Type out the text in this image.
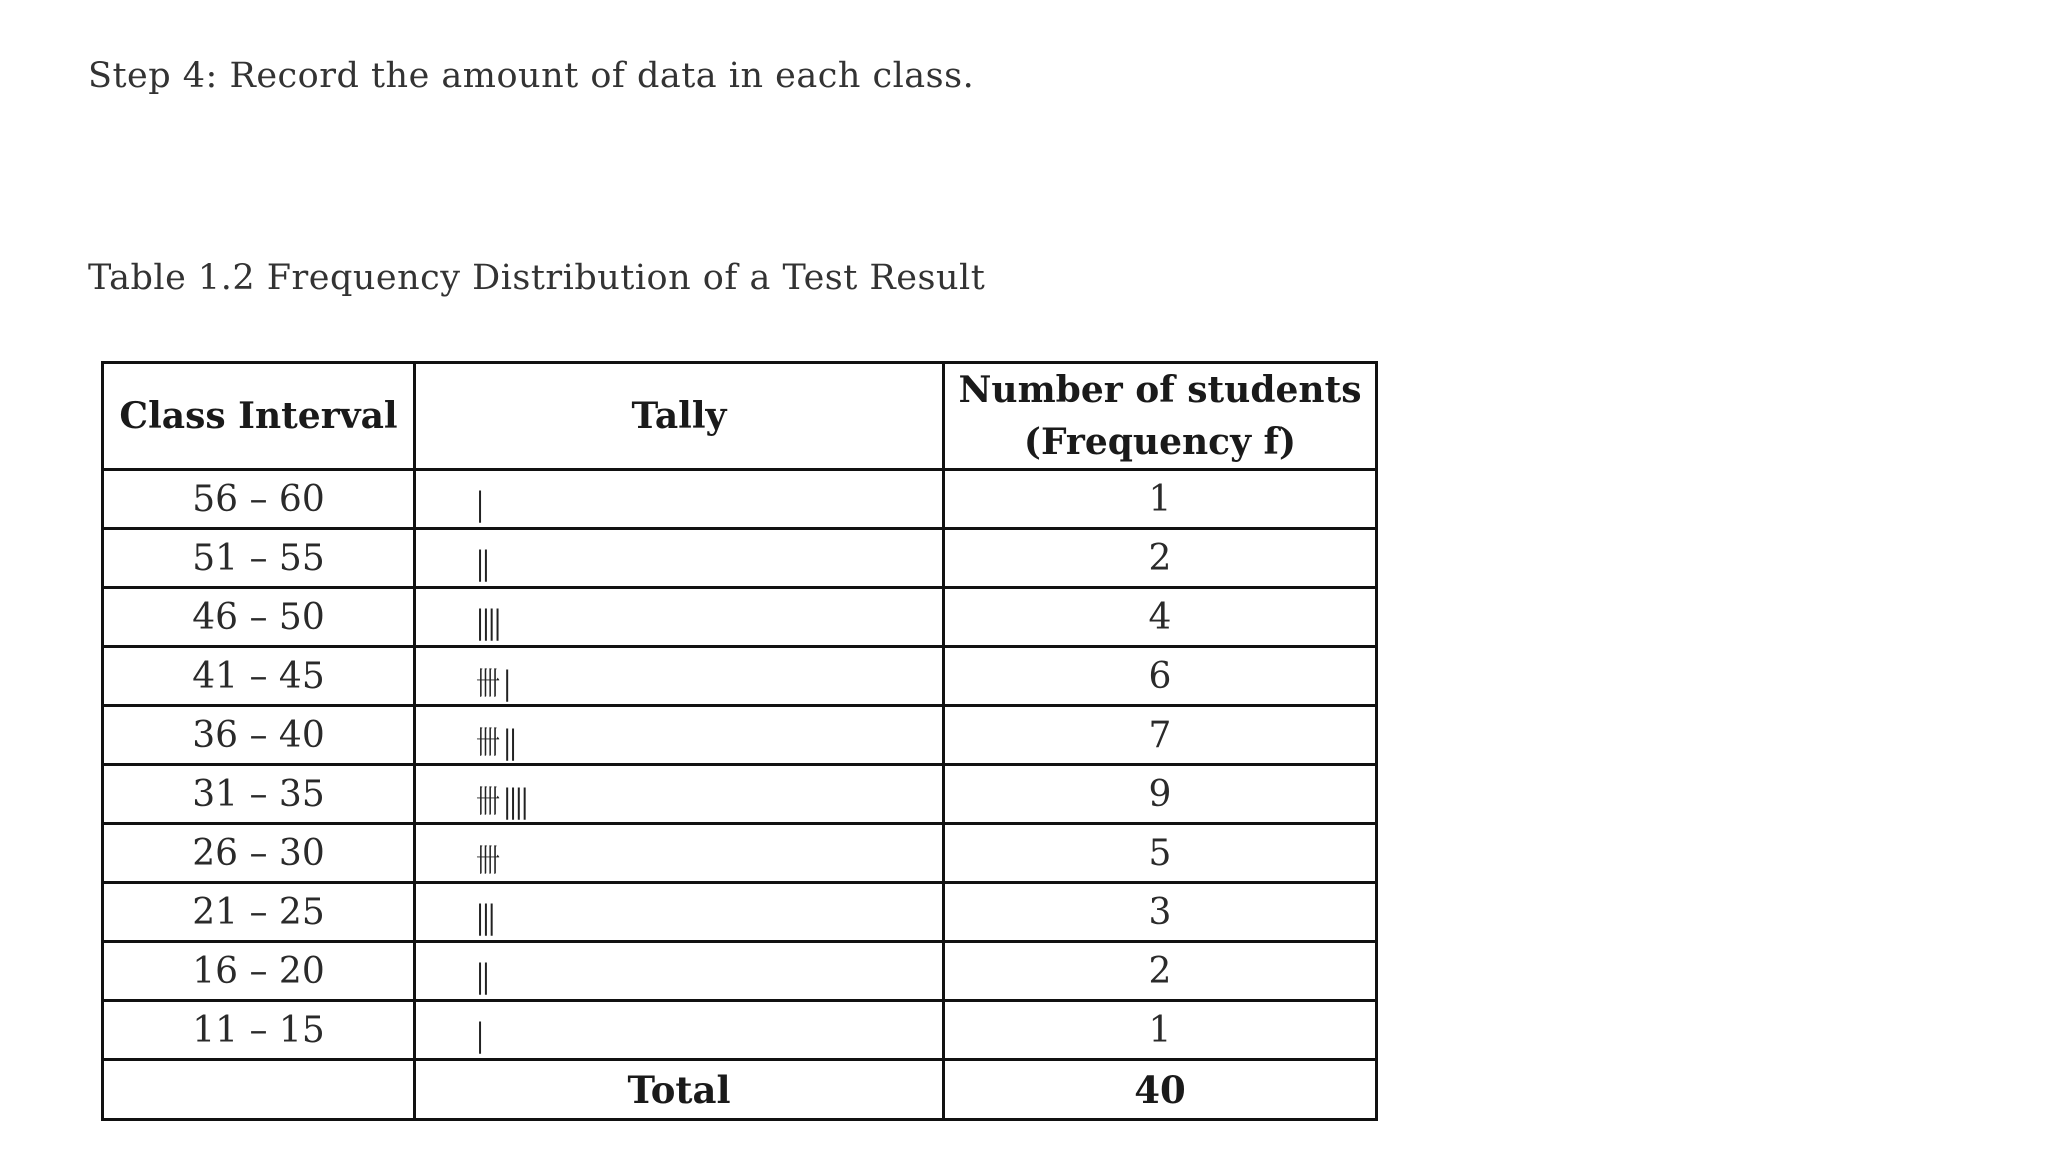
Step 4: Record the amount of data in each class.
Table 1.2 Frequency Distribution of a Test Result
Class Interval	Tally	Number of students
(Frequency f)

56 – 60	|	1
51 – 55	||	2
46 – 50	||||	4
41 – 45	卌 |	6
36 – 40	卌 ||	7
31 – 35	卌 ||||	9
26 – 30	卌	5
21 – 25	|||	3
16 – 20	||	2
11 – 15	|	1
	Total	40
